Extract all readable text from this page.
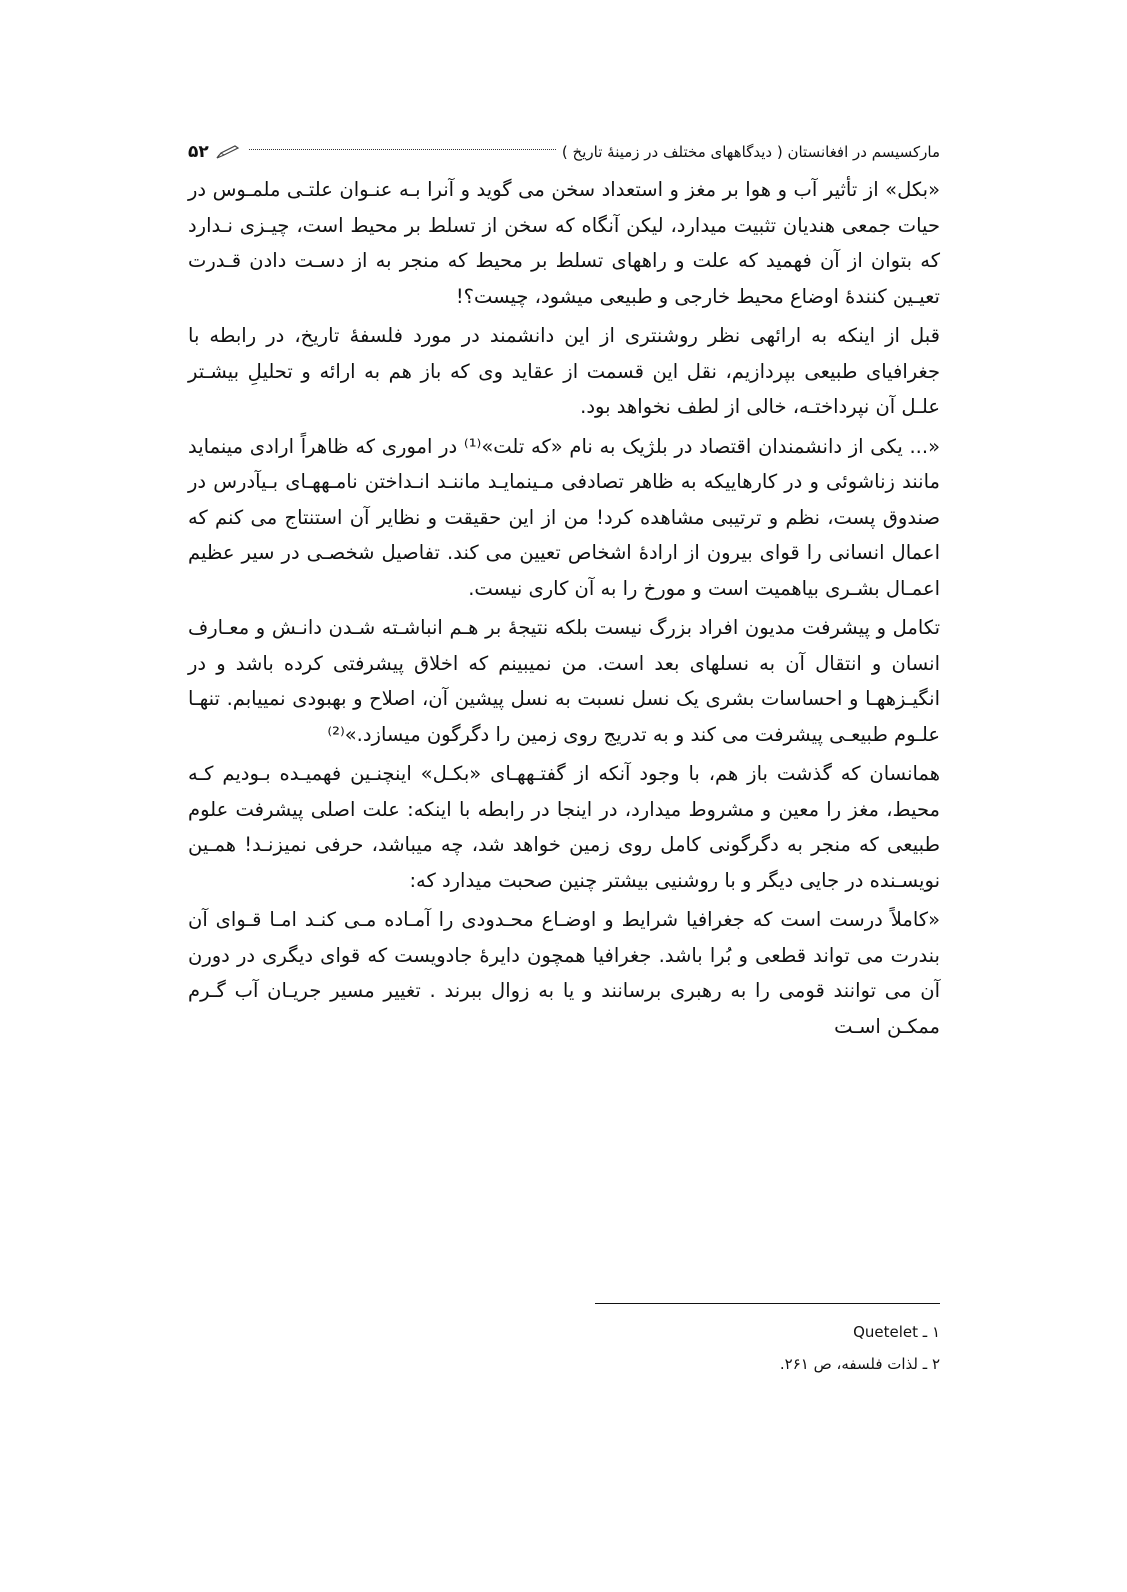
مارکسیسم در افغانستان ( دیدگاههای مختلف در زمینهٔ تاریخ )
۵۲

«بکل» از تأثیر آب و هوا بر مغز و استعداد سخن می گوید و آنرا بـه عنـوان علتـی ملمـوس در حیات جمعی هندیان تثبیت میدارد، لیکن آنگاه که سخن از تسلط بر محیط است، چیـزی نـدارد که بتوان از آن فهمید که علت و راههای تسلط بر محیط که منجر به از دسـت دادن قـدرت تعیـین کنندهٔ اوضاع محیط خارجی و طبیعی میشود، چیست؟!

قبل از اینکه به ارائهی نظر روشنتری از این دانشمند در مورد فلسفهٔ تاریخ، در رابطه با جغرافیای طبیعی بپردازیم، نقل این قسمت از عقاید وی که باز هم به ارائه و تحلیلِ بیشـتر علـل آن نپرداختـه، خالی از لطف نخواهد بود.

«... یکی از دانشمندان اقتصاد در بلژیک به نام «که تلت»⁽¹⁾ در اموری که ظاهراً ارادی مینماید مانند زناشوئی و در کارهاییکه به ظاهر تصادفی مـینمایـد ماننـد انـداختن نامـههـای بـیآدرس در صندوق پست، نظم و ترتیبی مشاهده کرد! من از این حقیقت و نظایر آن استنتاج می کنم که اعمال انسانی را قوای بیرون از ارادهٔ اشخاص تعیین می کند. تفاصیل شخصـی در سیر عظیم اعمـال بشـری بیاهمیت است و مورخ را به آن کاری نیست.

تکامل و پیشرفت مدیون افراد بزرگ نیست بلکه نتیجهٔ بر هـم انباشـته شـدن دانـش و معـارف انسان و انتقال آن به نسلهای بعد است. من نمیبینم که اخلاق پیشرفتی کرده باشد و در انگیـزههـا و احساسات بشری یک نسل نسبت به نسل پیشین آن، اصلاح و بهبودی نمییابم. تنهـا علـوم طبیعـی پیشرفت می کند و به تدریج روی زمین را دگرگون میسازد.»⁽²⁾

همانسان که گذشت باز هم، با وجود آنکه از گفتـههـای «بکـل» اینچنـین فهمیـده بـودیم کـه محیط، مغز را معین و مشروط میدارد، در اینجا در رابطه با اینکه: علت اصلی پیشرفت علوم طبیعی که منجر به دگرگونی کامل روی زمین خواهد شد، چه میباشد، حرفی نمیزنـد! همـین نویسـنده در جایی دیگر و با روشنیی بیشتر چنین صحبت میدارد که:

«کاملاً درست است که جغرافیا شرایط و اوضـاع محـدودی را آمـاده مـی کنـد امـا قـوای آن بندرت می تواند قطعی و بُرا باشد. جغرافیا همچون دایرهٔ جادویست که قوای دیگری در دورن آن می توانند قومی را به رهبری برسانند و یا به زوال ببرند . تغییر مسیر جریـان آب گـرم ممکـن اسـت

۱ ـ Quetelet

۲ ـ لذات فلسفه، ص ۲۶۱.
